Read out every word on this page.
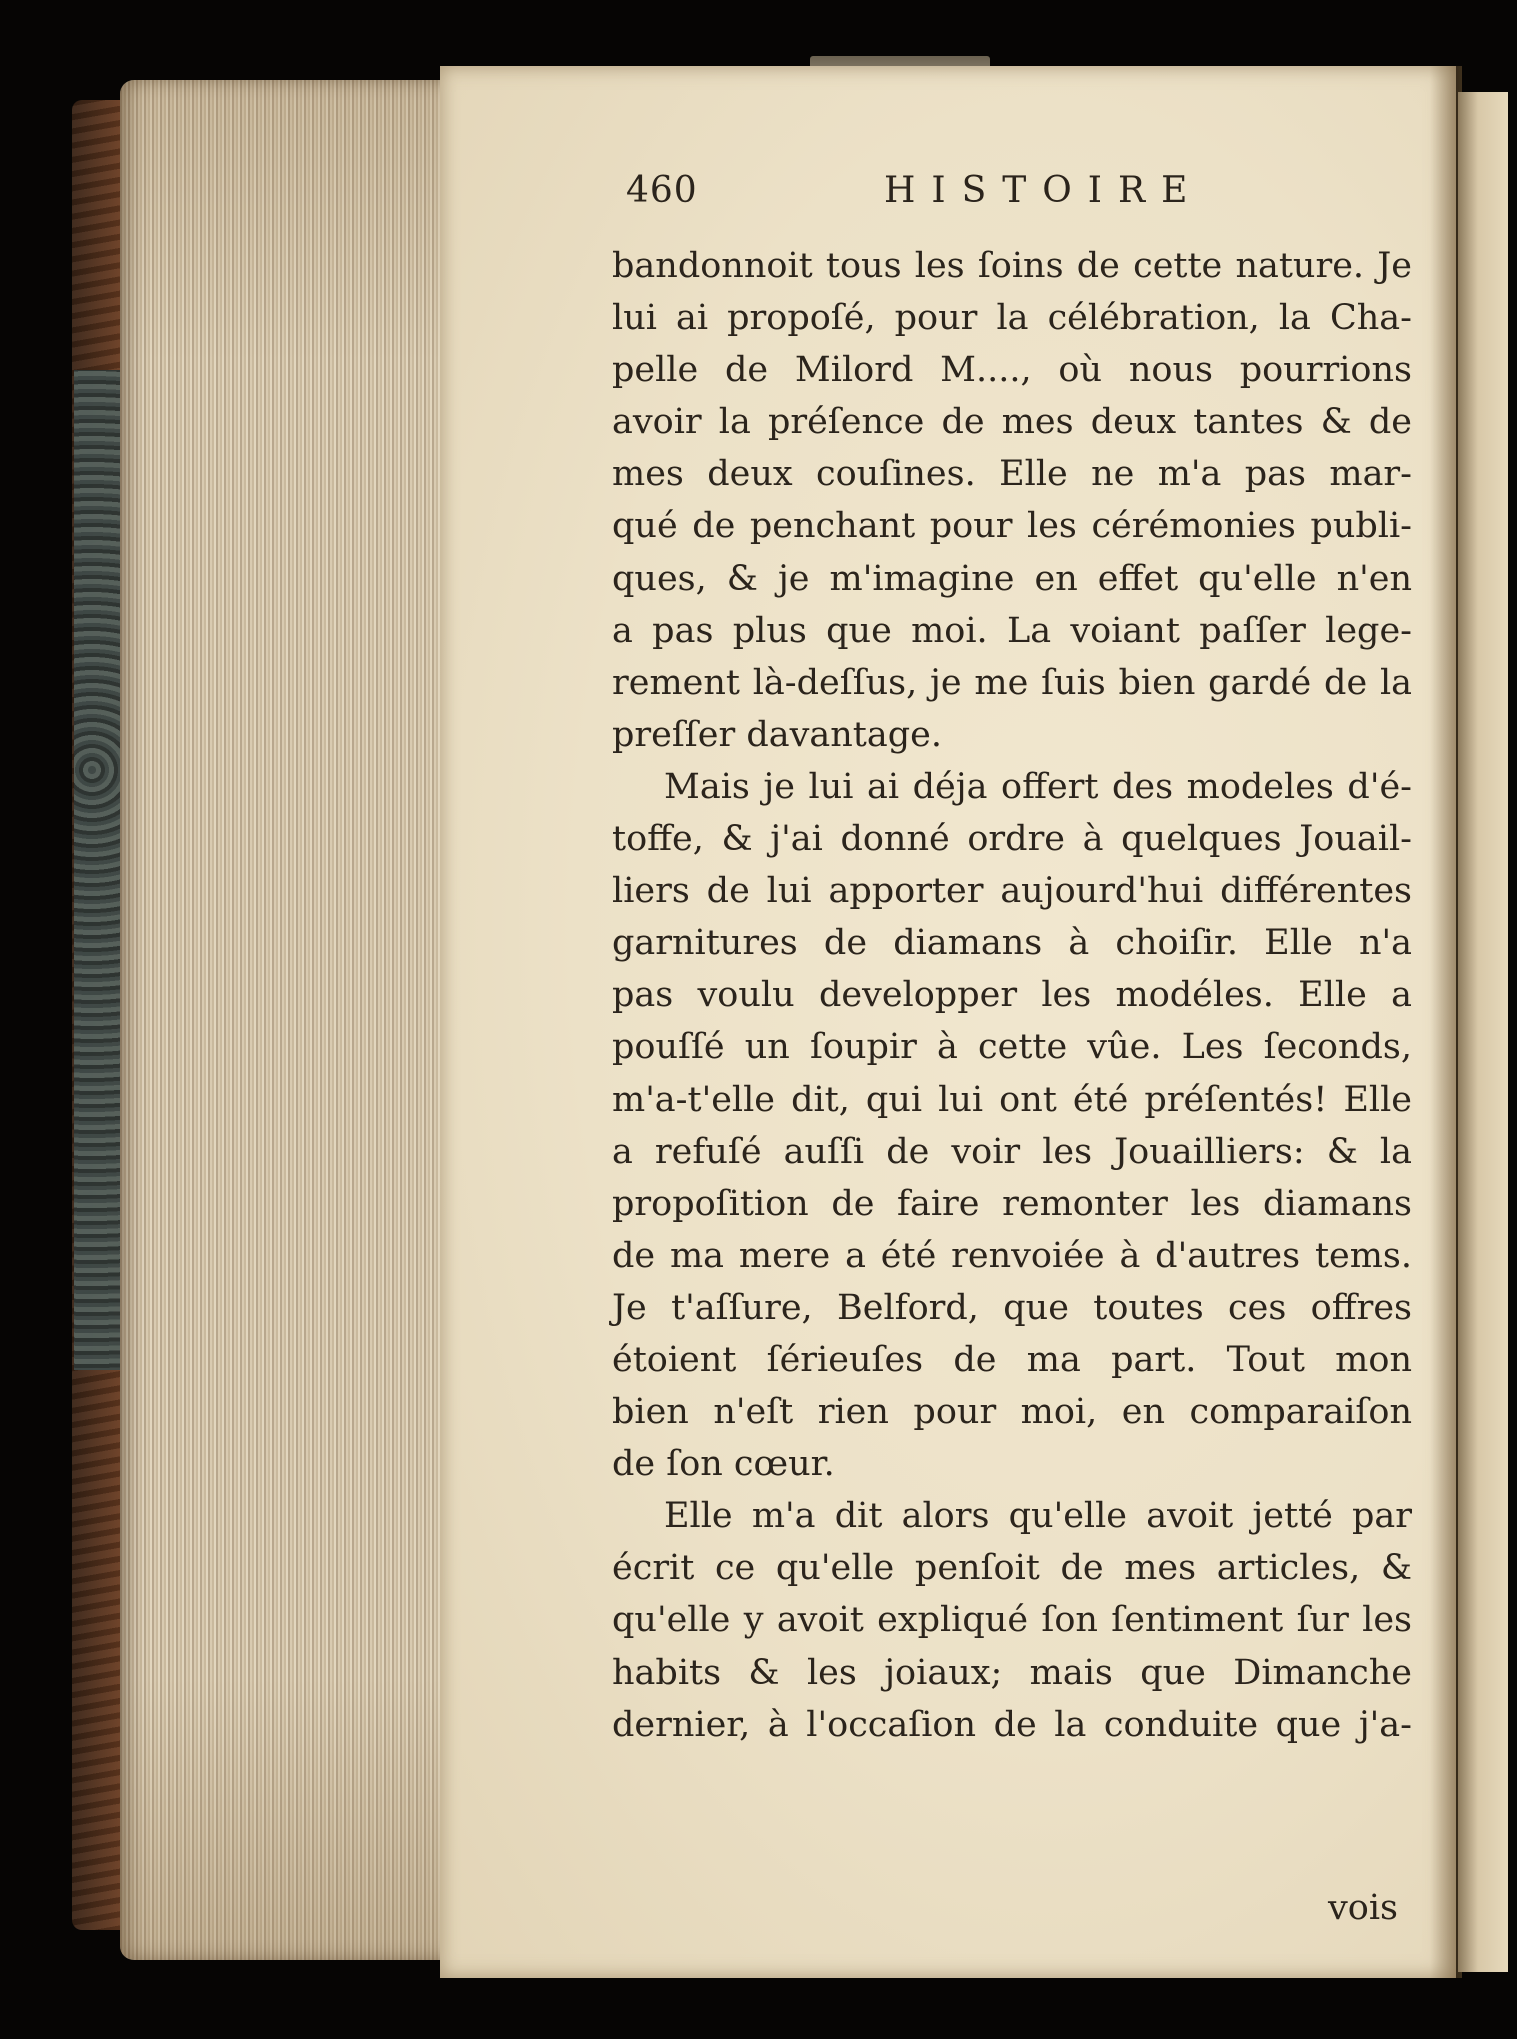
460	HISTOIRE
bandonnoit tous les ſoins de cette nature. Je
lui ai propoſé, pour la célébration, la Cha-
pelle de Milord M...., où nous pourrions
avoir la préſence de mes deux tantes & de
mes deux couſines. Elle ne m'a pas mar-
qué de penchant pour les cérémonies publi-
ques, & je m'imagine en effet qu'elle n'en
a pas plus que moi. La voiant paſſer lege-
rement là-deſſus, je me ſuis bien gardé de la
preſſer davantage.
Mais je lui ai déja offert des modeles d'é-
toffe, & j'ai donné ordre à quelques Jouail-
liers de lui apporter aujourd'hui différentes
garnitures de diamans à choiſir. Elle n'a
pas voulu developper les modéles. Elle a
pouſſé un ſoupir à cette vûe. Les ſeconds,
m'a-t'elle dit, qui lui ont été préſentés! Elle
a refuſé auſſi de voir les Jouailliers: & la
propoſition de faire remonter les diamans
de ma mere a été renvoiée à d'autres tems.
Je t'aſſure, Belford, que toutes ces offres
étoient ſérieuſes de ma part. Tout mon
bien n'eſt rien pour moi, en comparaiſon
de ſon cœur.
Elle m'a dit alors qu'elle avoit jetté par
écrit ce qu'elle penſoit de mes articles, &
qu'elle y avoit expliqué ſon ſentiment ſur les
habits & les joiaux; mais que Dimanche
dernier, à l'occaſion de la conduite que j'a-
vois
